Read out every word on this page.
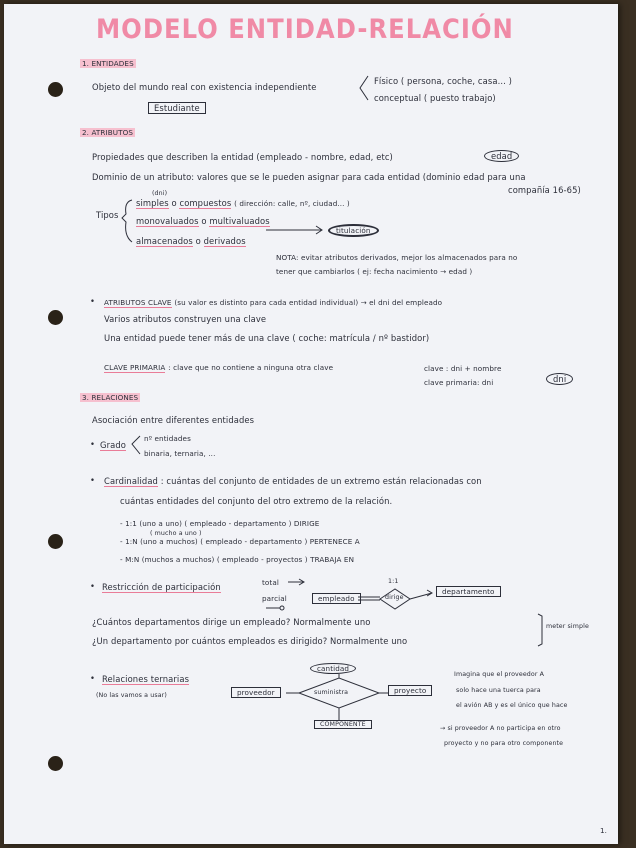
MODELO ENTIDAD-RELACIÓN
1. ENTIDADES
Objeto del mundo real con existencia independiente
Físico ( persona, coche, casa... )
conceptual ( puesto trabajo)
Estudiante
2. ATRIBUTOS
Propiedades que describen la entidad (empleado - nombre, edad, etc)	edad
Dominio de un atributo: valores que se le pueden asignar para cada entidad (dominio edad para una
compañía 16-65)
(dni)
Tipos
simples o compuestos ( dirección: calle, nº, ciudad... )
monovaluados o multivaluados
titulación
almacenados o derivados
NOTA: evitar atributos derivados, mejor los almacenados para no
tener que cambiarlos ( ej: fecha nacimiento → edad )
• ATRIBUTOS CLAVE (su valor es distinto para cada entidad individual) → el dni del empleado
Varios atributos construyen una clave
Una entidad puede tener más de una clave ( coche: matrícula / nº bastidor)
CLAVE PRIMARIA : clave que no contiene a ninguna otra clave	clave : dni + nombre
clave primaria: dni	dni
3. RELACIONES
Asociación entre diferentes entidades
• Grado
nº entidades
binaria, ternaria, ...
• Cardinalidad : cuántas del conjunto de entidades de un extremo están relacionadas con
cuántas entidades del conjunto del otro extremo de la relación.
- 1:1 (uno a uno) ( empleado - departamento ) DIRIGE
( mucho a uno )
- 1:N (uno a muchos) ( empleado - departamento ) PERTENECE A
- M:N (muchos a muchos) ( empleado - proyectos ) TRABAJA EN
• Restricción de participación	total
parcial
1:1
empleado	dirige
departamento
¿Cuántos departamentos dirige un empleado? Normalmente uno
¿Un departamento por cuántos empleados es dirigido? Normalmente uno
meter simple
• Relaciones ternarias
(No las vamos a usar)
cantidad
proveedor	suministra	proyecto
COMPONENTE
Imagina que el proveedor A
solo hace una tuerca para
el avión AB y es el único que hace
→ si proveedor A no participa en otro
proyecto y no para otro componente
1.
